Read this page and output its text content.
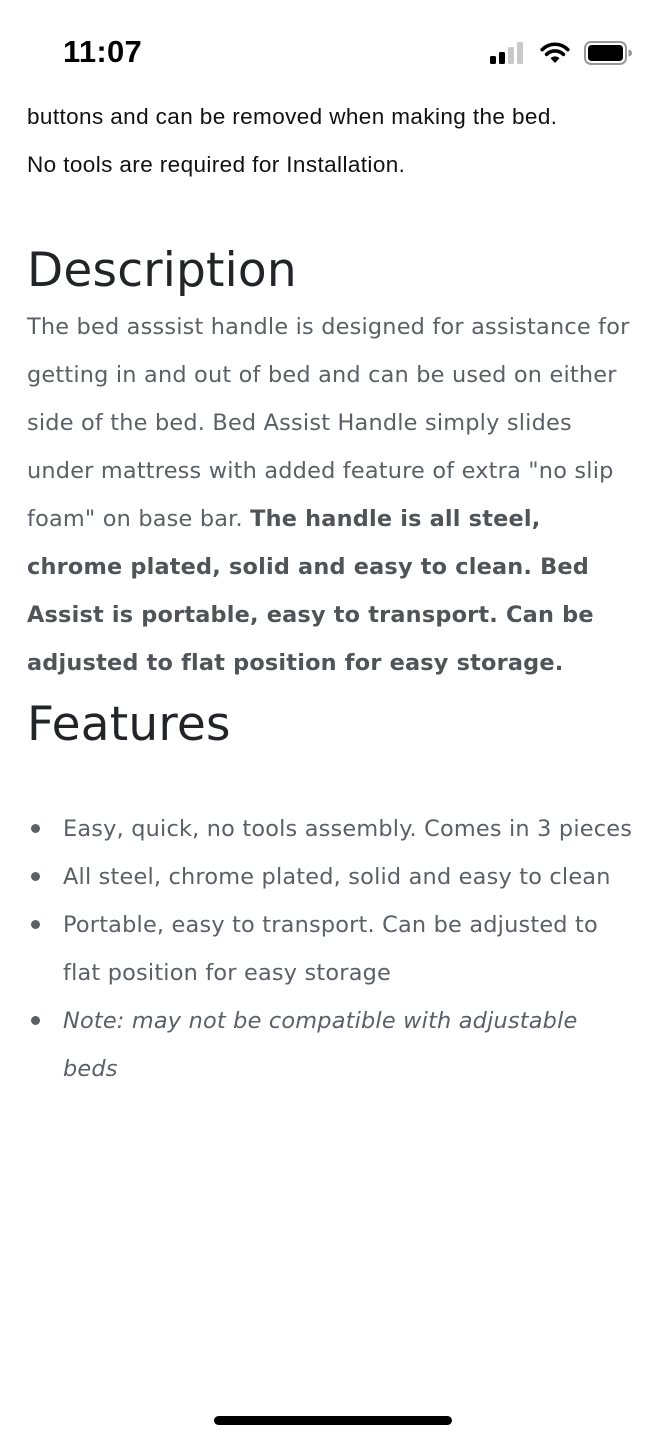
11:07

buttons and can be removed when making the bed.

No tools are required for Installation.

Description

The bed asssist handle is designed for assistance for getting in and out of bed and can be used on either side of the bed. Bed Assist Handle simply slides under mattress with added feature of extra "no slip foam" on base bar. The handle is all steel, chrome plated, solid and easy to clean. Bed Assist is portable, easy to transport. Can be adjusted to flat position for easy storage.

Features
Easy, quick, no tools assembly. Comes in 3 pieces
All steel, chrome plated, solid and easy to clean
Portable, easy to transport. Can be adjusted to flat position for easy storage
Note: may not be compatible with adjustable beds
